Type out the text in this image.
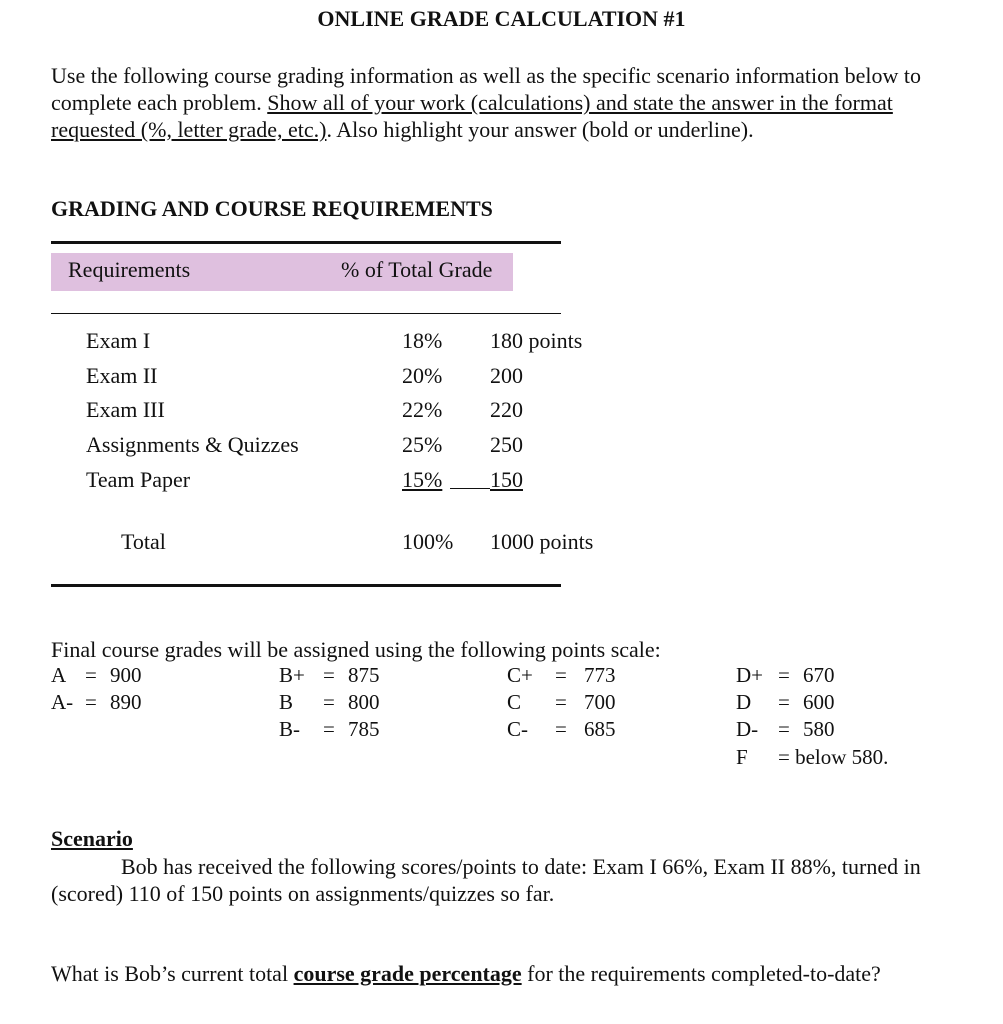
ONLINE GRADE CALCULATION #1
Use the following course grading information as well as the specific scenario information below to complete each problem. Show all of your work (calculations) and state the answer in the format requested (%, letter grade, etc.). Also highlight your answer (bold or underline).
GRADING AND COURSE REQUIREMENTS
Requirements	% of Total Grade
Exam I	18% 180 points
Exam II	20% 200
Exam III	22% 220
Assignments & Quizzes	25% 250
Team Paper	15% 150
Total	100% 1000 points
Final course grades will be assigned using the following points scale:
A = 900
A- = 890
B+ = 875
B = 800
B- = 785
C+ = 773
C = 700
C- = 685
D+ = 670
D = 600
D- = 580
F = below 580.
Scenario
Bob has received the following scores/points to date: Exam I 66%, Exam II 88%, turned in (scored) 110 of 150 points on assignments/quizzes so far.
What is Bob’s current total course grade percentage for the requirements completed-to-date?
